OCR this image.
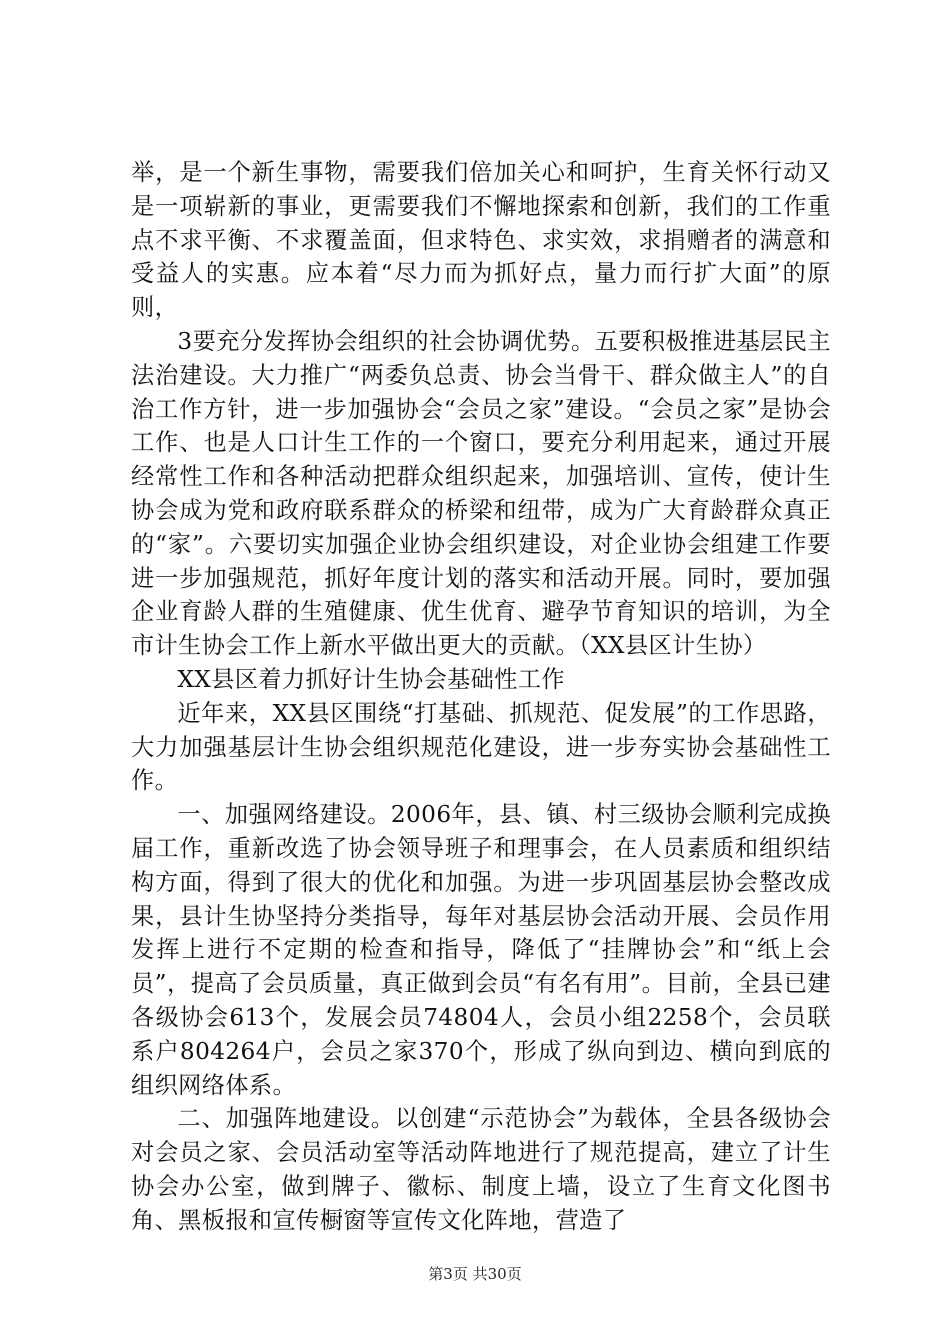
举，是一个新生事物，需要我们倍加关心和呵护，生育关怀行动又是一项崭新的事业，更需要我们不懈地探索和创新，我们的工作重点不求平衡、不求覆盖面，但求特色、求实效，求捐赠者的满意和受益人的实惠。应本着“尽力而为抓好点，量力而行扩大面”的原则，

3要充分发挥协会组织的社会协调优势。五要积极推进基层民主法治建设。大力推广“两委负总责、协会当骨干、群众做主人”的自治工作方针，进一步加强协会“会员之家”建设。“会员之家”是协会工作、也是人口计生工作的一个窗口，要充分利用起来，通过开展经常性工作和各种活动把群众组织起来，加强培训、宣传，使计生协会成为党和政府联系群众的桥梁和纽带，成为广大育龄群众真正的“家”。六要切实加强企业协会组织建设，对企业协会组建工作要进一步加强规范，抓好年度计划的落实和活动开展。同时，要加强企业育龄人群的生殖健康、优生优育、避孕节育知识的培训，为全市计生协会工作上新水平做出更大的贡献。（XX县区计生协）

XX县区着力抓好计生协会基础性工作

近年来，XX县区围绕“打基础、抓规范、促发展”的工作思路，大力加强基层计生协会组织规范化建设，进一步夯实协会基础性工作。

一、加强网络建设。2006年，县、镇、村三级协会顺利完成换届工作，重新改选了协会领导班子和理事会，在人员素质和组织结构方面，得到了很大的优化和加强。为进一步巩固基层协会整改成果，县计生协坚持分类指导，每年对基层协会活动开展、会员作用发挥上进行不定期的检查和指导，降低了“挂牌协会”和“纸上会员”，提高了会员质量，真正做到会员“有名有用”。目前，全县已建各级协会613个，发展会员74804人，会员小组2258个，会员联系户804264户，会员之家370个，形成了纵向到边、横向到底的组织网络体系。

二、加强阵地建设。以创建“示范协会”为载体，全县各级协会对会员之家、会员活动室等活动阵地进行了规范提高，建立了计生协会办公室，做到牌子、徽标、制度上墙，设立了生育文化图书角、黑板报和宣传橱窗等宣传文化阵地，营造了

第3页 共30页
